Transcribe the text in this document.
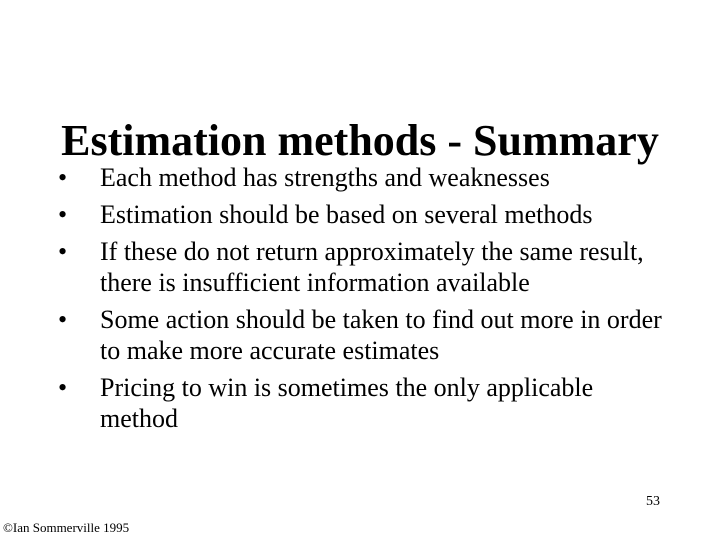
Estimation methods - Summary
•	Each method has strengths and weaknesses
•	Estimation should be based on several methods
•	If these do not return approximately the same result, there is insufficient information available
•	Some action should be taken to find out more in order to make more accurate estimates
•	Pricing to win is sometimes the only applicable method
53
©Ian Sommerville 1995
